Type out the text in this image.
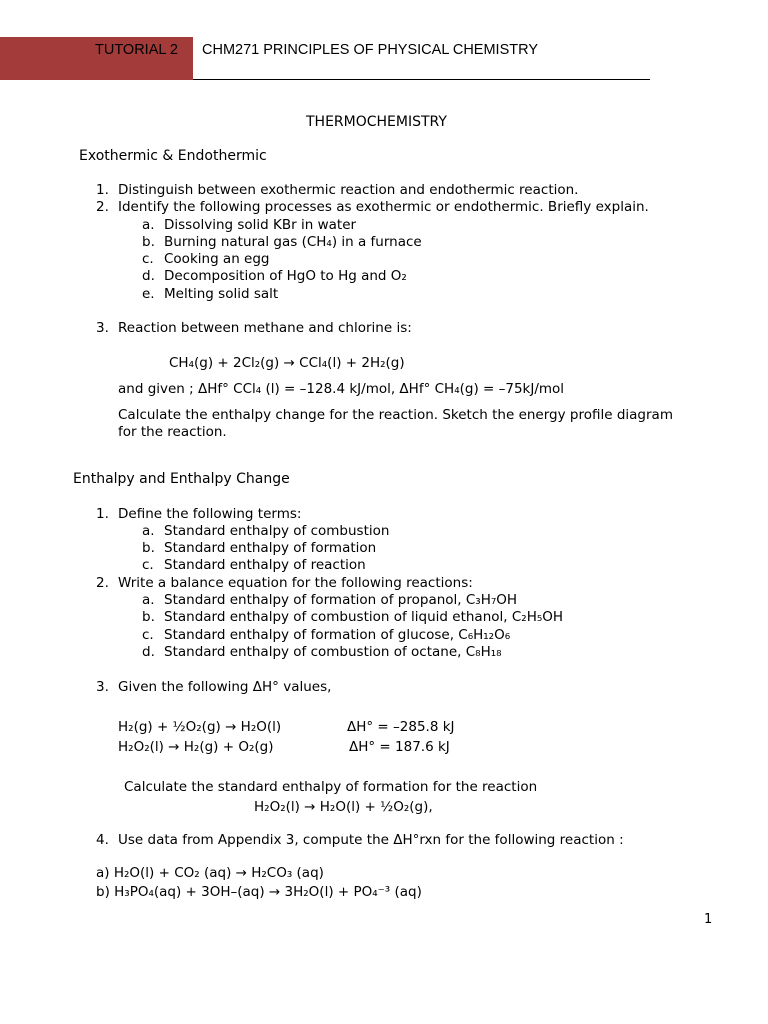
TUTORIAL 2 CHM271 PRINCIPLES OF PHYSICAL CHEMISTRY
THERMOCHEMISTRY
Exothermic & Endothermic
1. Distinguish between exothermic reaction and endothermic reaction.
2. Identify the following processes as exothermic or endothermic. Briefly explain.
a. Dissolving solid KBr in water
b. Burning natural gas (CH₄) in a furnace
c. Cooking an egg
d. Decomposition of HgO to Hg and O₂
e. Melting solid salt
3. Reaction between methane and chlorine is:
CH₄(g) + 2Cl₂(g) → CCl₄(l) + 2H₂(g)
and given ; ΔHf° CCl₄ (l) = –128.4 kJ/mol, ΔHf° CH₄(g) = –75kJ/mol
Calculate the enthalpy change for the reaction. Sketch the energy profile diagram
for the reaction.
Enthalpy and Enthalpy Change
1. Define the following terms:
a. Standard enthalpy of combustion
b. Standard enthalpy of formation
c. Standard enthalpy of reaction
2. Write a balance equation for the following reactions:
a. Standard enthalpy of formation of propanol, C₃H₇OH
b. Standard enthalpy of combustion of liquid ethanol, C₂H₅OH
c. Standard enthalpy of formation of glucose, C₆H₁₂O₆
d. Standard enthalpy of combustion of octane, C₈H₁₈
3. Given the following ΔH° values,
H₂(g) + ½O₂(g) → H₂O(l)	ΔH° = –285.8 kJ
H₂O₂(l) → H₂(g) + O₂(g)	ΔH° = 187.6 kJ
Calculate the standard enthalpy of formation for the reaction
H₂O₂(l) → H₂O(l) + ½O₂(g),
4. Use data from Appendix 3, compute the ΔH°rxn for the following reaction :
a) H₂O(l) + CO₂ (aq) → H₂CO₃ (aq)
b) H₃PO₄(aq) + 3OH–(aq) → 3H₂O(l) + PO₄⁻³ (aq)
1
